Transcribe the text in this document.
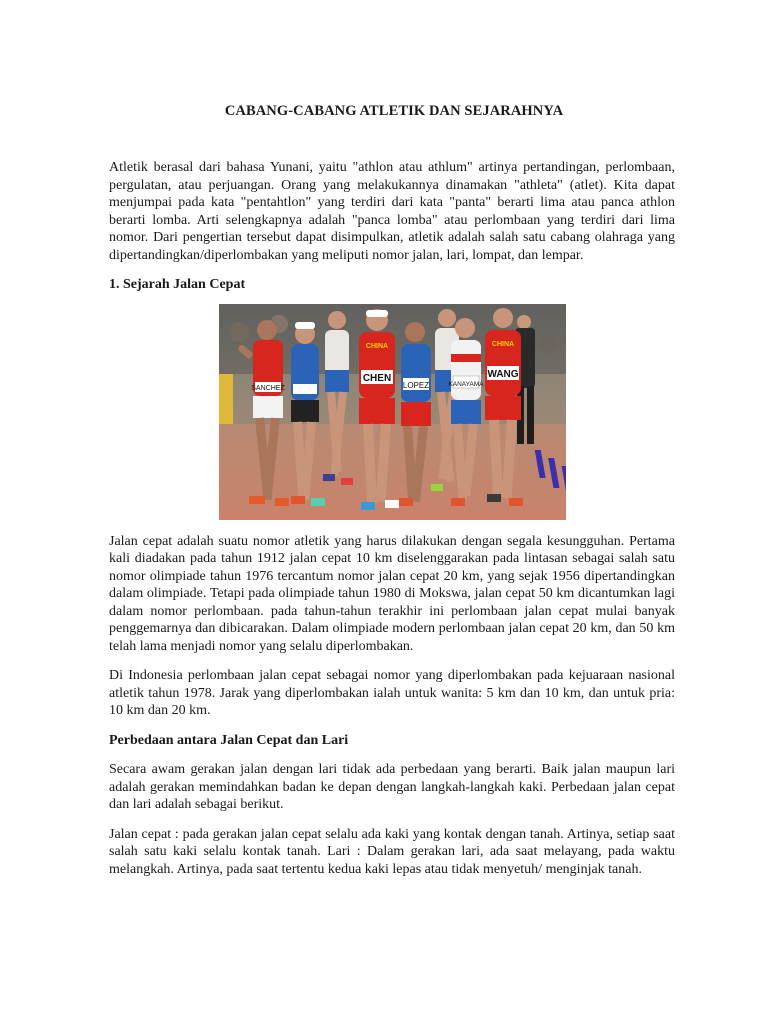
CABANG-CABANG ATLETIK DAN SEJARAHNYA

Atletik berasal dari bahasa Yunani, yaitu "athlon atau athlum" artinya pertandingan, perlombaan, pergulatan, atau perjuangan. Orang yang melakukannya dinamakan "athleta" (atlet). Kita dapat menjumpai pada kata "pentahtlon" yang terdiri dari kata "panta" berarti lima atau panca athlon berarti lomba. Arti selengkapnya adalah "panca lomba" atau perlombaan yang terdiri dari lima nomor. Dari pengertian tersebut dapat disimpulkan, atletik adalah salah satu cabang olahraga yang dipertandingkan/diperlombakan yang meliputi nomor jalan, lari, lompat, dan lempar.

1. Sejarah Jalan Cepat

SANCHEZ
CHINA
CHEN
LOPEZ	KANAYAMA
CHINA
WANG

Jalan cepat adalah suatu nomor atletik yang harus dilakukan dengan segala kesungguhan. Pertama kali diadakan pada tahun 1912 jalan cepat 10 km diselenggarakan pada lintasan sebagai salah satu nomor olimpiade tahun 1976 tercantum nomor jalan cepat 20 km, yang sejak 1956 dipertandingkan dalam olimpiade. Tetapi pada olimpiade tahun 1980 di Mokswa, jalan cepat 50 km dicantumkan lagi dalam nomor perlombaan. pada tahun-tahun terakhir ini perlombaan jalan cepat mulai banyak penggemarnya dan dibicarakan. Dalam olimpiade modern perlombaan jalan cepat 20 km, dan 50 km telah lama menjadi nomor yang selalu diperlombakan.

Di Indonesia perlombaan jalan cepat sebagai nomor yang diperlombakan pada kejuaraan nasional atletik tahun 1978. Jarak yang diperlombakan ialah untuk wanita: 5 km dan 10 km, dan untuk pria: 10 km dan 20 km.

Perbedaan antara Jalan Cepat dan Lari

Secara awam gerakan jalan dengan lari tidak ada perbedaan yang berarti. Baik jalan maupun lari adalah gerakan memindahkan badan ke depan dengan langkah-langkah kaki. Perbedaan jalan cepat dan lari adalah sebagai berikut.

Jalan cepat : pada gerakan jalan cepat selalu ada kaki yang kontak dengan tanah. Artinya, setiap saat salah satu kaki selalu kontak tanah. Lari : Dalam gerakan lari, ada saat melayang, pada waktu melangkah. Artinya, pada saat tertentu kedua kaki lepas atau tidak menyetuh/ menginjak tanah.
